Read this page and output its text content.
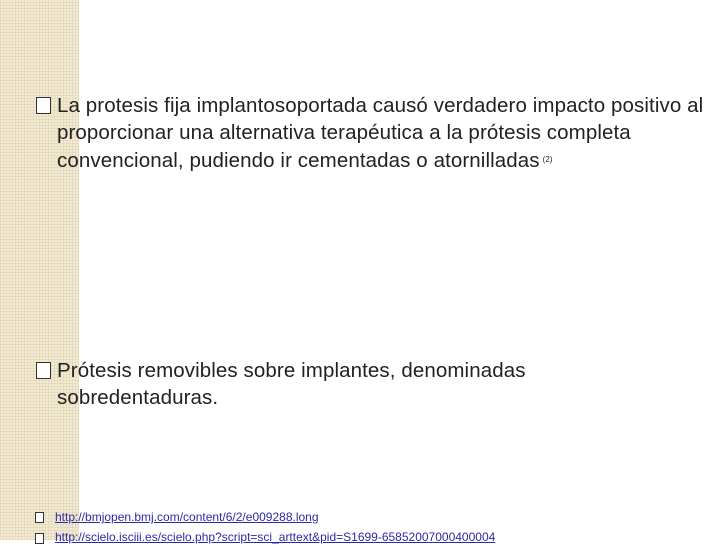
La protesis fija implantosoportada causó verdadero impacto positivo al proporcionar una alternativa terapéutica a la prótesis completa convencional, pudiendo ir cementadas o atornilladas $^{(2)}$
Prótesis removibles sobre implantes, denominadas sobredentaduras.
http://bmjopen.bmj.com/content/6/2/e009288.long
http://scielo.isciii.es/scielo.php?script=sci_arttext&pid=S1699-65852007000400004
